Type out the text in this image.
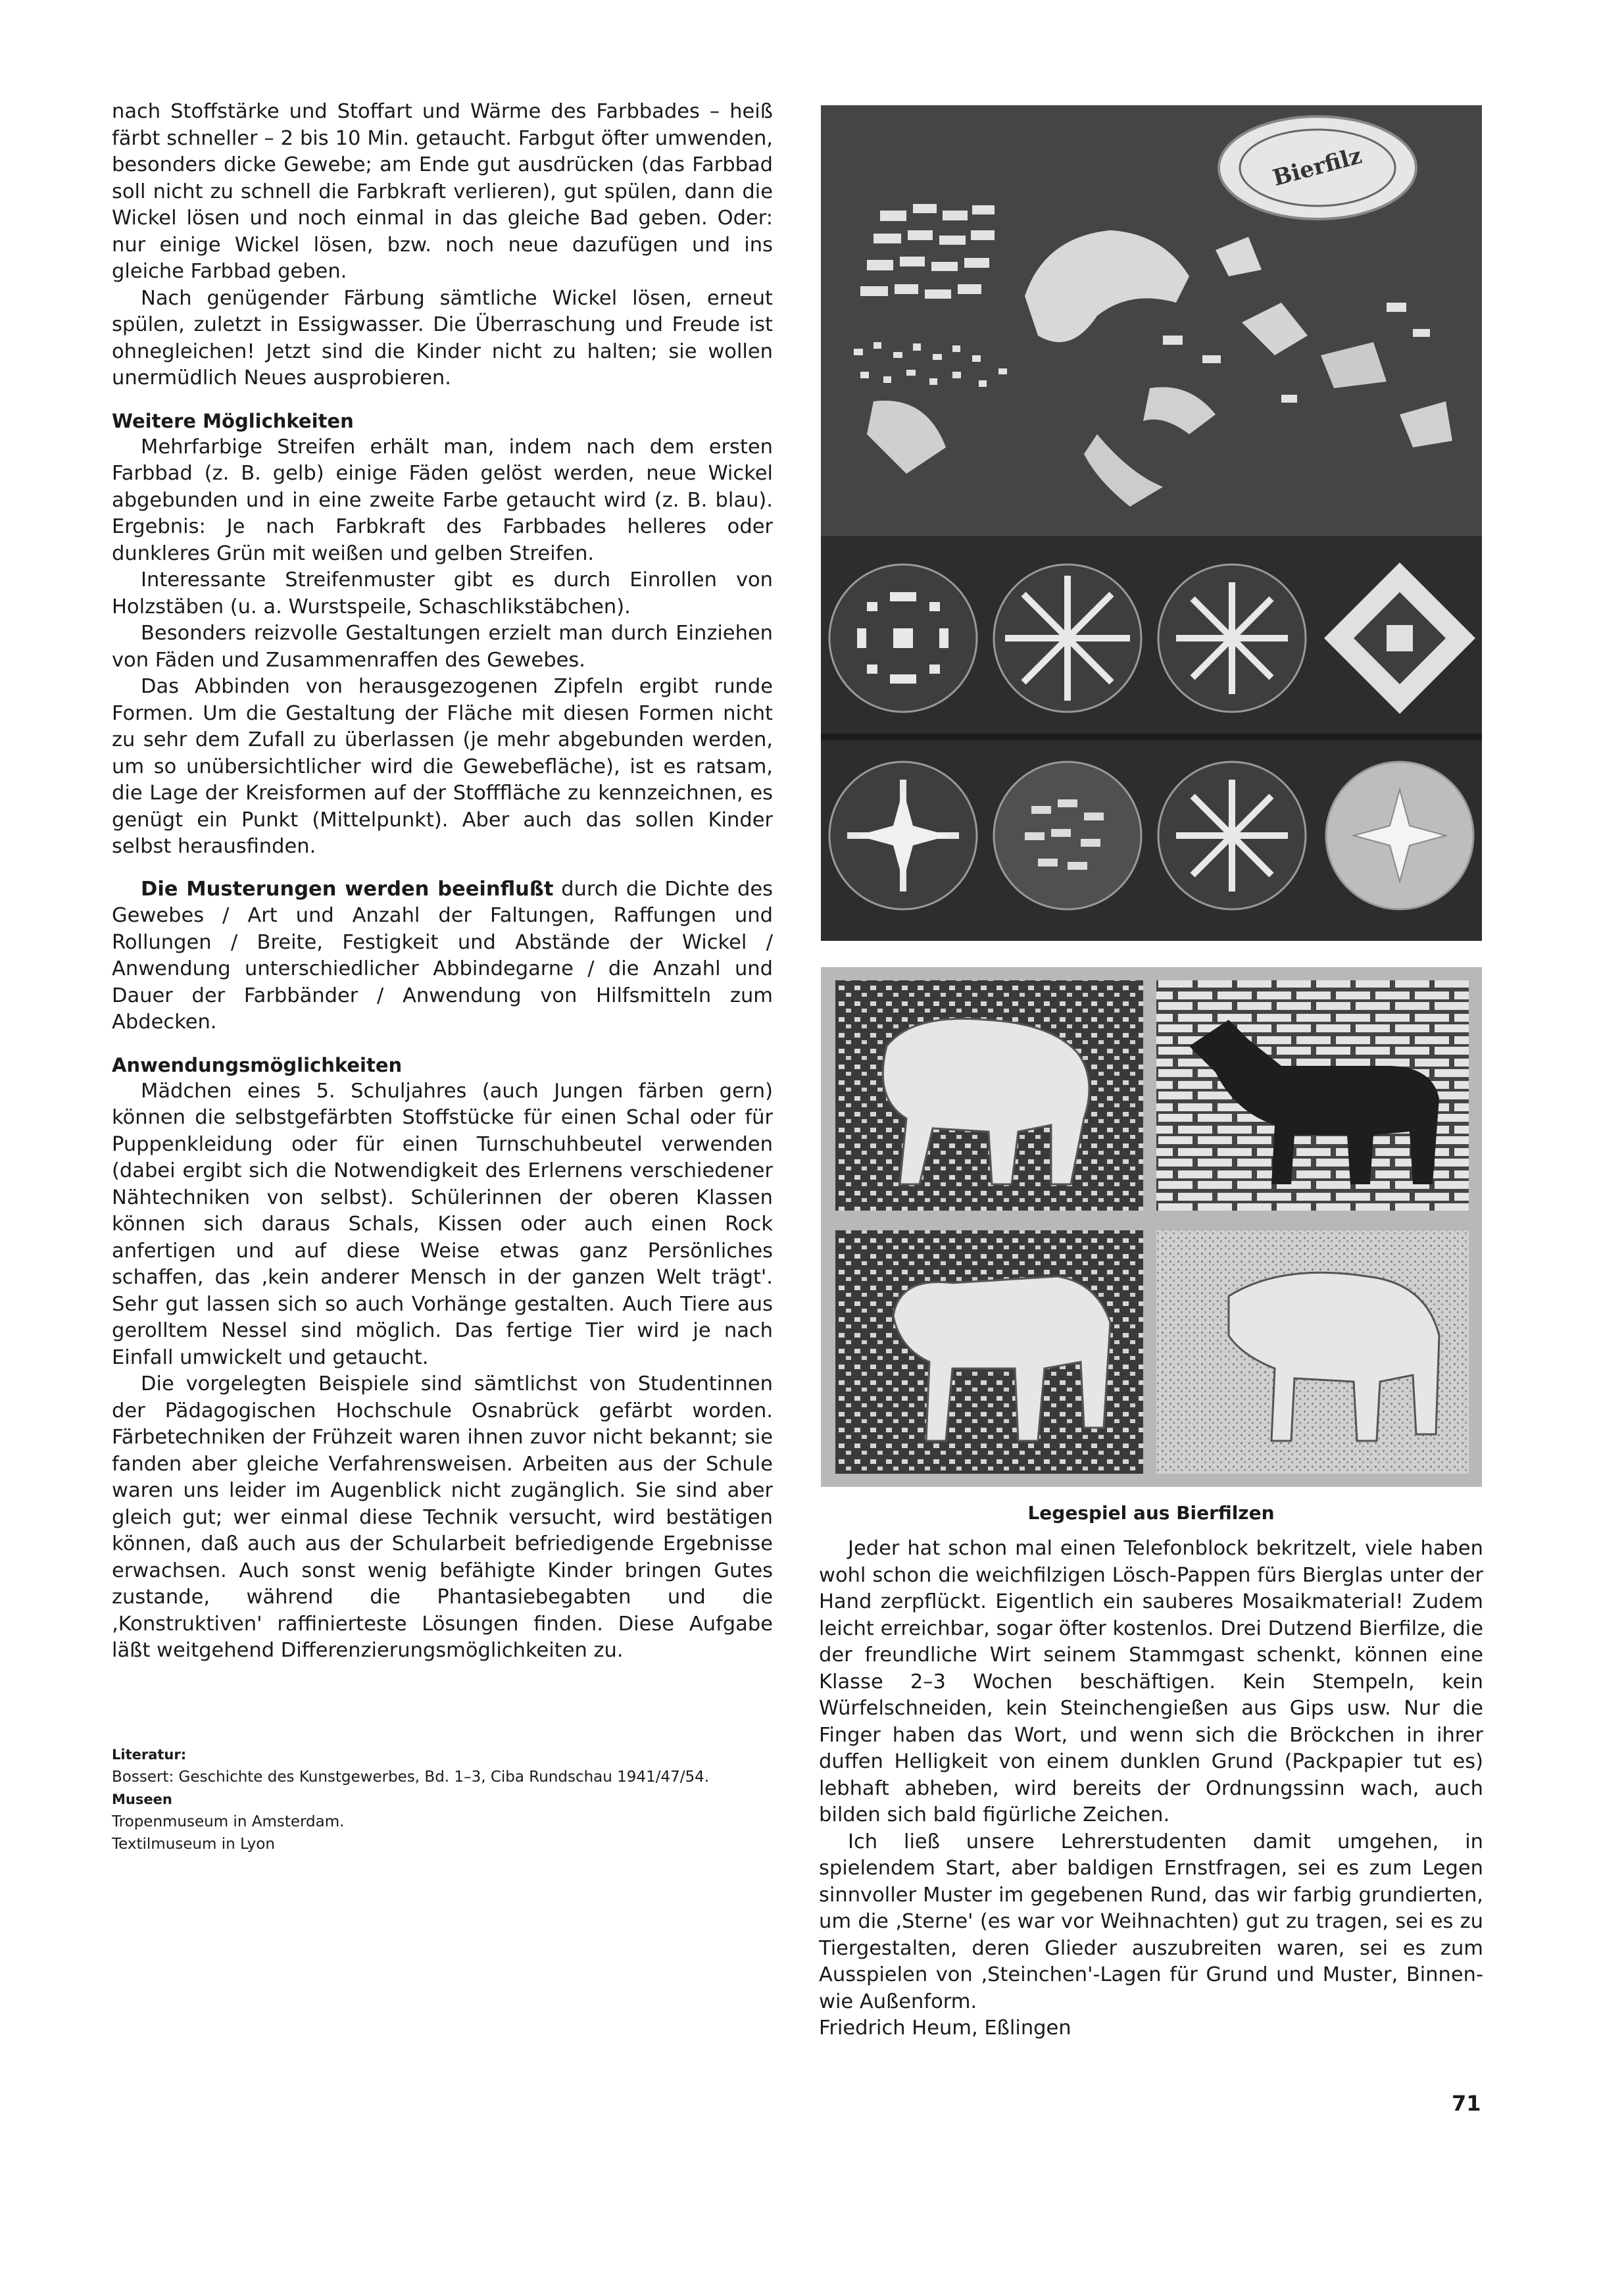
nach Stoffstärke und Stoffart und Wärme des Farbbades – heiß färbt schneller – 2 bis 10 Min. getaucht. Farbgut öfter umwenden, besonders dicke Gewebe; am Ende gut ausdrücken (das Farbbad soll nicht zu schnell die Farbkraft verlieren), gut spülen, dann die Wickel lösen und noch einmal in das gleiche Bad geben. Oder: nur einige Wickel lösen, bzw. noch neue dazufügen und ins gleiche Farbbad geben.

Nach genügender Färbung sämtliche Wickel lösen, erneut spülen, zuletzt in Essigwasser. Die Überraschung und Freude ist ohnegleichen! Jetzt sind die Kinder nicht zu halten; sie wollen unermüdlich Neues ausprobieren.

Weitere Möglichkeiten

Mehrfarbige Streifen erhält man, indem nach dem ersten Farbbad (z. B. gelb) einige Fäden gelöst werden, neue Wickel abgebunden und in eine zweite Farbe getaucht wird (z. B. blau). Ergebnis: Je nach Farbkraft des Farbbades helleres oder dunkleres Grün mit weißen und gelben Streifen.

Interessante Streifenmuster gibt es durch Einrollen von Holzstäben (u. a. Wurstspeile, Schaschlikstäbchen).

Besonders reizvolle Gestaltungen erzielt man durch Einziehen von Fäden und Zusammenraffen des Gewebes.

Das Abbinden von herausgezogenen Zipfeln ergibt runde Formen. Um die Gestaltung der Fläche mit diesen Formen nicht zu sehr dem Zufall zu überlassen (je mehr abgebunden werden, um so unübersichtlicher wird die Gewebefläche), ist es ratsam, die Lage der Kreisformen auf der Stofffläche zu kennzeichnen, es genügt ein Punkt (Mittelpunkt). Aber auch das sollen Kinder selbst herausfinden.

Die Musterungen werden beeinflußt durch die Dichte des Gewebes / Art und Anzahl der Faltungen, Raffungen und Rollungen / Breite, Festigkeit und Abstände der Wickel / Anwendung unterschiedlicher Abbindegarne / die Anzahl und Dauer der Farbbänder / Anwendung von Hilfsmitteln zum Abdecken.

Anwendungsmöglichkeiten

Mädchen eines 5. Schuljahres (auch Jungen färben gern) können die selbstgefärbten Stoffstücke für einen Schal oder für Puppenkleidung oder für einen Turnschuhbeutel verwenden (dabei ergibt sich die Notwendigkeit des Erlernens verschiedener Nähtechniken von selbst). Schülerinnen der oberen Klassen können sich daraus Schals, Kissen oder auch einen Rock anfertigen und auf diese Weise etwas ganz Persönliches schaffen, das ‚kein anderer Mensch in der ganzen Welt trägt'. Sehr gut lassen sich so auch Vorhänge gestalten. Auch Tiere aus gerolltem Nessel sind möglich. Das fertige Tier wird je nach Einfall umwickelt und getaucht.

Die vorgelegten Beispiele sind sämtlichst von Studentinnen der Pädagogischen Hochschule Osnabrück gefärbt worden. Färbetechniken der Frühzeit waren ihnen zuvor nicht bekannt; sie fanden aber gleiche Verfahrensweisen. Arbeiten aus der Schule waren uns leider im Augenblick nicht zugänglich. Sie sind aber gleich gut; wer einmal diese Technik versucht, wird bestätigen können, daß auch aus der Schularbeit befriedigende Ergebnisse erwachsen. Auch sonst wenig befähigte Kinder bringen Gutes zustande, während die Phantasiebegabten und die ‚Konstruktiven' raffinierteste Lösungen finden. Diese Aufgabe läßt weitgehend Differenzierungsmöglichkeiten zu.

Literatur:
Bossert: Geschichte des Kunstgewerbes, Bd. 1–3, Ciba Rundschau 1941/47/54.
Museen
Tropenmuseum in Amsterdam.
Textilmuseum in Lyon
Bierfilz
Legespiel aus Bierfilzen

Jeder hat schon mal einen Telefonblock bekritzelt, viele haben wohl schon die weichfilzigen Lösch-Pappen fürs Bierglas unter der Hand zerpflückt. Eigentlich ein sauberes Mosaikmaterial! Zudem leicht erreichbar, sogar öfter kostenlos. Drei Dutzend Bierfilze, die der freundliche Wirt seinem Stammgast schenkt, können eine Klasse 2–3 Wochen beschäftigen. Kein Stempeln, kein Würfelschneiden, kein Steinchengießen aus Gips usw. Nur die Finger haben das Wort, und wenn sich die Bröckchen in ihrer duffen Helligkeit von einem dunklen Grund (Packpapier tut es) lebhaft abheben, wird bereits der Ordnungssinn wach, auch bilden sich bald figürliche Zeichen.

Ich ließ unsere Lehrerstudenten damit umgehen, in spielendem Start, aber baldigen Ernstfragen, sei es zum Legen sinnvoller Muster im gegebenen Rund, das wir farbig grundierten, um die ‚Sterne' (es war vor Weihnachten) gut zu tragen, sei es zu Tiergestalten, deren Glieder auszubreiten waren, sei es zum Ausspielen von ‚Steinchen'-Lagen für Grund und Muster, Binnen- wie Außenform.

Friedrich Heum, Eßlingen

71
